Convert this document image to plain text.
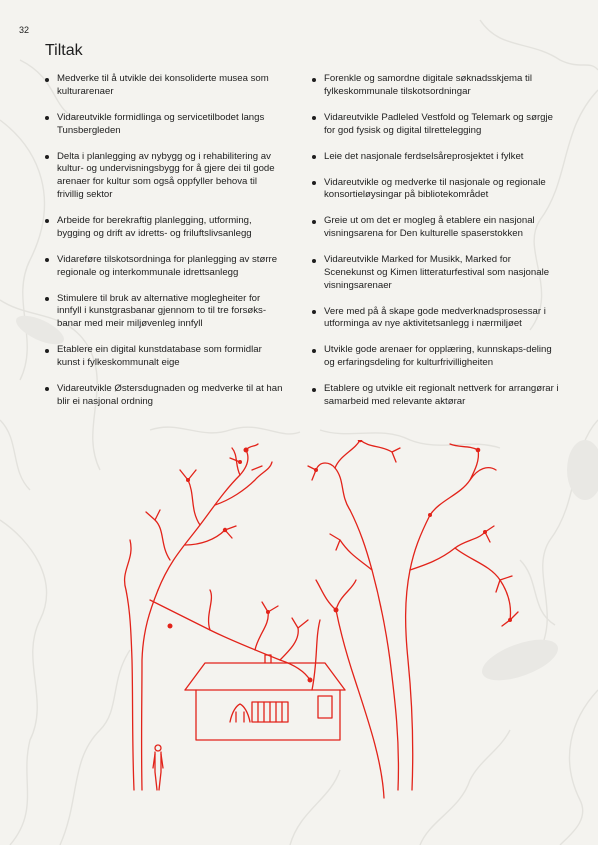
32
Tiltak
Medverke til å utvikle dei konsoliderte musea som kulturarenaer
Vidareutvikle formidlinga og servicetilbodet langs Tunsbergleden
Delta i planlegging av nybygg og i rehabilitering av kultur- og undervisningsbygg for å gjere dei til gode arenaer for kultur som også oppfyller behova til frivillig sektor
Arbeide for berekraftig planlegging, utforming, bygging og drift av idretts- og friluftslivsanlegg
Vidareføre tilskotsordninga for planlegging av større regionale og interkommunale idrettsanlegg
Stimulere til bruk av alternative moglegheiter for innfyll i kunstgrasbanar gjennom to til tre forsøks-banar med meir miljøvenleg innfyll
Etablere ein digital kunstdatabase som formidlar kunst i fylkeskommunalt eige
Vidareutvikle Østersdugnaden og medverke til at han blir ei nasjonal ordning
Forenkle og samordne digitale søknadsskjema til fylkeskommunale tilskotsordningar
Vidareutvikle Padleled Vestfold og Telemark og sørgje for god fysisk og digital tilrettelegging
Leie det nasjonale ferdselsåreprosjektet i fylket
Vidareutvikle og medverke til nasjonale og regionale konsortieløysingar på bibliotekområdet
Greie ut om det er mogleg å etablere ein nasjonal visningsarena for Den kulturelle spaserstokken
Vidareutvikle Marked for Musikk, Marked for Scenekunst og Kimen litteraturfestival som nasjonale visningsarenaer
Vere med på å skape gode medverknadsprosessar i utforminga av nye aktivitetsanlegg i nærmiljøet
Utvikle gode arenaer for opplæring, kunnskaps-deling og erfaringsdeling for kulturfrivilligheiten
Etablere og utvikle eit regionalt nettverk for arrangørar i samarbeid med relevante aktørar
